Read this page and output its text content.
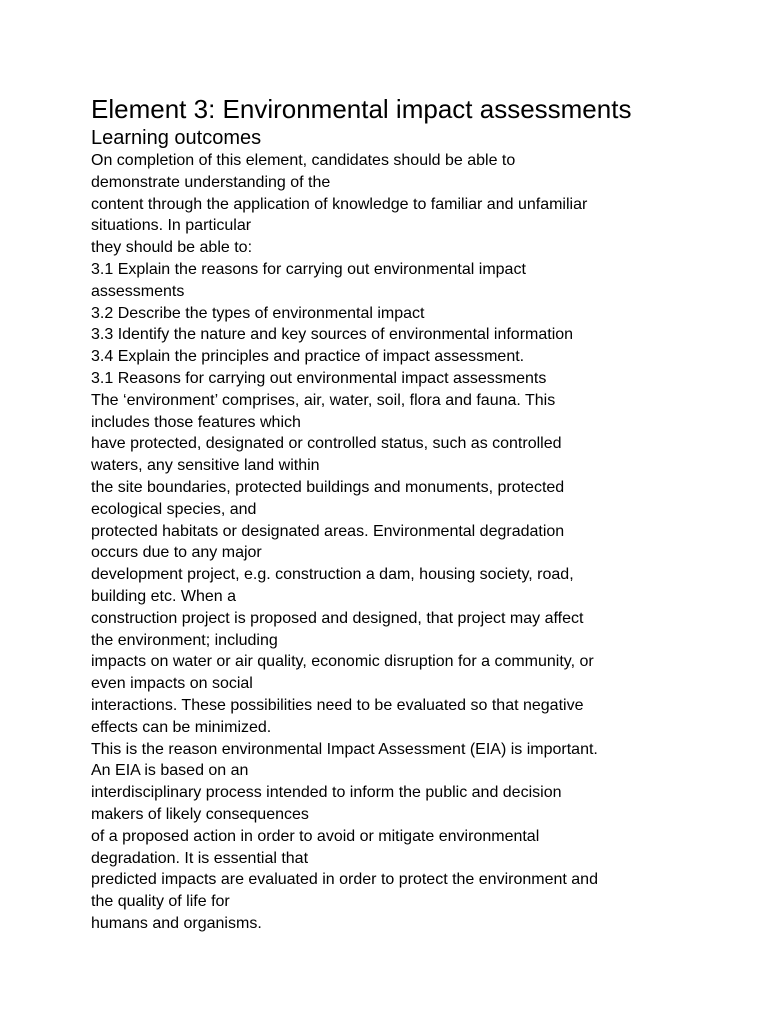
Element 3: Environmental impact assessments
Learning outcomes
On completion of this element, candidates should be able to
demonstrate understanding of the
content through the application of knowledge to familiar and unfamiliar
situations. In particular
they should be able to:
3.1 Explain the reasons for carrying out environmental impact
assessments
3.2 Describe the types of environmental impact
3.3 Identify the nature and key sources of environmental information
3.4 Explain the principles and practice of impact assessment.
3.1 Reasons for carrying out environmental impact assessments
The ‘environment’ comprises, air, water, soil, flora and fauna. This
includes those features which
have protected, designated or controlled status, such as controlled
waters, any sensitive land within
the site boundaries, protected buildings and monuments, protected
ecological species, and
protected habitats or designated areas. Environmental degradation
occurs due to any major
development project, e.g. construction a dam, housing society, road,
building etc. When a
construction project is proposed and designed, that project may affect
the environment; including
impacts on water or air quality, economic disruption for a community, or
even impacts on social
interactions. These possibilities need to be evaluated so that negative
effects can be minimized.
This is the reason environmental Impact Assessment (EIA) is important.
An EIA is based on an
interdisciplinary process intended to inform the public and decision
makers of likely consequences
of a proposed action in order to avoid or mitigate environmental
degradation. It is essential that
predicted impacts are evaluated in order to protect the environment and
the quality of life for
humans and organisms.
